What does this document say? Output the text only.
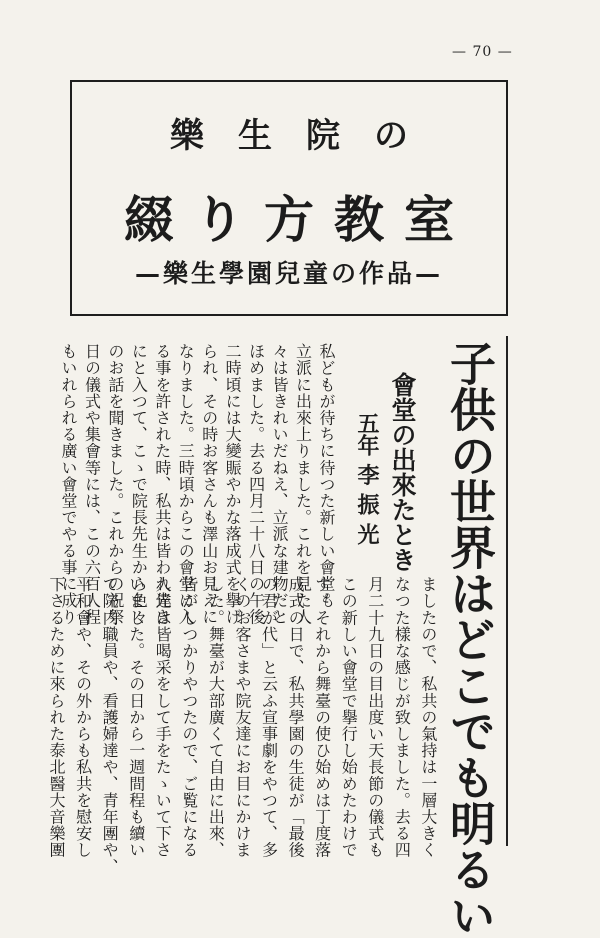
— 70 —
樂生院の
綴り方教室
—樂生學園兒童の作品—
子供の世界はどこでも明るい
會堂の出來たとき
五年 李 振 光
私どもが待ちに待つた新しい會堂も
立派に出來上りました。これを見た人
々は皆きれいだねえ、立派な建物だと
ほめました。去る四月二十八日の午後
二時頃には大變賑やかな落成式を擧げ
られ、その時お客さんも澤山お見えに
なりました。三時頃からこの會堂に入
る事を許された時、私共は皆われ先き
にと入つて、こゝで院長先生から色々
のお話を聞きました。これからの祝祭
日の儀式や集會等には、この六百人程
もいれられる廣い會堂でやる事に成り
ましたので、私共の氣持は一層大きく
なつた樣な感じが致しました。去る四
月二十九日の目出度い天長節の儀式も
この新しい會堂で擧行し始めたわけで
す。それから舞臺の使ひ始めは丁度落
成式の日で、私共學園の生徒が「最後
の君が代」と云ふ宣事劇をやつて、多
くのお客さまや院友達にお目にかけま
した。舞臺が大部廣くて自由に出來、
皆がしつかりやつたので、ご覧になる
人達は皆喝采をして手をたゝいて下さ
いました。その日から一週間程も續い
て院内職員や、看護婦達や、青年團や、
平和會や、その外からも私共を慰安し
下さるために來られた泰北醫大音樂團
